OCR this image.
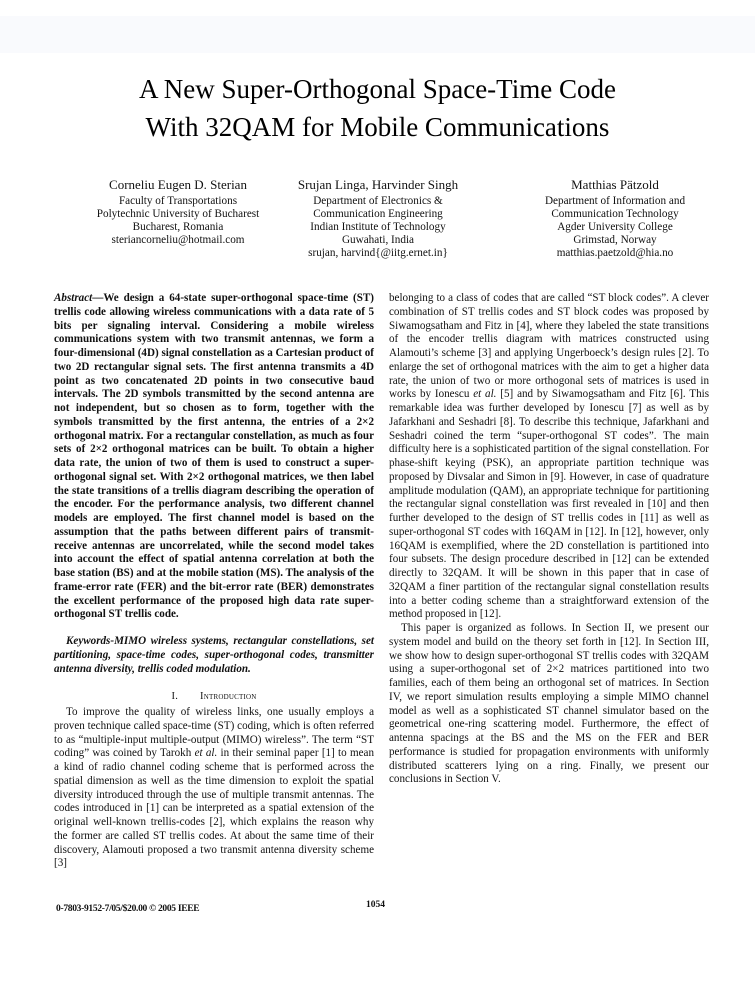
A New Super-Orthogonal Space-Time Code
With 32QAM for Mobile Communications
Corneliu Eugen D. Sterian
Faculty of Transportations
Polytechnic University of Bucharest
Bucharest, Romania
steriancorneliu@hotmail.com
Srujan Linga, Harvinder Singh
Department of Electronics &
Communication Engineering
Indian Institute of Technology
Guwahati, India
srujan, harvind{@iitg.ernet.in}
Matthias Pätzold
Department of Information and
Communication Technology
Agder University College
Grimstad, Norway
matthias.paetzold@hia.no

Abstract—We design a 64-state super-orthogonal space-time (ST) trellis code allowing wireless communications with a data rate of 5 bits per signaling interval. Considering a mobile wireless communications system with two transmit antennas, we form a four-dimensional (4D) signal constellation as a Cartesian product of two 2D rectangular signal sets. The first antenna transmits a 4D point as two concatenated 2D points in two consecutive baud intervals. The 2D symbols transmitted by the second antenna are not independent, but so chosen as to form, together with the symbols transmitted by the first antenna, the entries of a 2×2 orthogonal matrix. For a rectangular constellation, as much as four sets of 2×2 orthogonal matrices can be built. To obtain a higher data rate, the union of two of them is used to construct a super-orthogonal signal set. With 2×2 orthogonal matrices, we then label the state transitions of a trellis diagram describing the operation of the encoder. For the performance analysis, two different channel models are employed. The first channel model is based on the assumption that the paths between different pairs of transmit-receive antennas are uncorrelated, while the second model takes into account the effect of spatial antenna correlation at both the base station (BS) and at the mobile station (MS). The analysis of the frame-error rate (FER) and the bit-error rate (BER) demonstrates the excellent performance of the proposed high data rate super-orthogonal ST trellis code.

Keywords-MIMO wireless systems, rectangular constellations, set partitioning, space-time codes, super-orthogonal codes, transmitter antenna diversity, trellis coded modulation.

I. Introduction

To improve the quality of wireless links, one usually employs a proven technique called space-time (ST) coding, which is often referred to as “multiple-input multiple-output (MIMO) wireless”. The term “ST coding” was coined by Tarokh et al. in their seminal paper [1] to mean a kind of radio channel coding scheme that is performed across the spatial dimension as well as the time dimension to exploit the spatial diversity introduced through the use of multiple transmit antennas. The codes introduced in [1] can be interpreted as a spatial extension of the original well-known trellis-codes [2], which explains the reason why the former are called ST trellis codes. At about the same time of their discovery, Alamouti proposed a two transmit antenna diversity scheme [3]

belonging to a class of codes that are called “ST block codes”. A clever combination of ST trellis codes and ST block codes was proposed by Siwamogsatham and Fitz in [4], where they labeled the state transitions of the encoder trellis diagram with matrices constructed using Alamouti’s scheme [3] and applying Ungerboeck’s design rules [2]. To enlarge the set of orthogonal matrices with the aim to get a higher data rate, the union of two or more orthogonal sets of matrices is used in works by Ionescu et al. [5] and by Siwamogsatham and Fitz [6]. This remarkable idea was further developed by Ionescu [7] as well as by Jafarkhani and Seshadri [8]. To describe this technique, Jafarkhani and Seshadri coined the term “super-orthogonal ST codes”. The main difficulty here is a sophisticated partition of the signal constellation. For phase-shift keying (PSK), an appropriate partition technique was proposed by Divsalar and Simon in [9]. However, in case of quadrature amplitude modulation (QAM), an appropriate technique for partitioning the rectangular signal constellation was first revealed in [10] and then further developed to the design of ST trellis codes in [11] as well as super-orthogonal ST codes with 16QAM in [12]. In [12], however, only 16QAM is exemplified, where the 2D constellation is partitioned into four subsets. The design procedure described in [12] can be extended directly to 32QAM. It will be shown in this paper that in case of 32QAM a finer partition of the rectangular signal constellation results into a better coding scheme than a straightforward extension of the method proposed in [12].

This paper is organized as follows. In Section II, we present our system model and build on the theory set forth in [12]. In Section III, we show how to design super-orthogonal ST trellis codes with 32QAM using a super-orthogonal set of 2×2 matrices partitioned into two families, each of them being an orthogonal set of matrices. In Section IV, we report simulation results employing a simple MIMO channel model as well as a sophisticated ST channel simulator based on the geometrical one-ring scattering model. Furthermore, the effect of antenna spacings at the BS and the MS on the FER and BER performance is studied for propagation environments with uniformly distributed scatterers lying on a ring. Finally, we present our conclusions in Section V.

0-7803-9152-7/05/$20.00 © 2005 IEEE	1054
